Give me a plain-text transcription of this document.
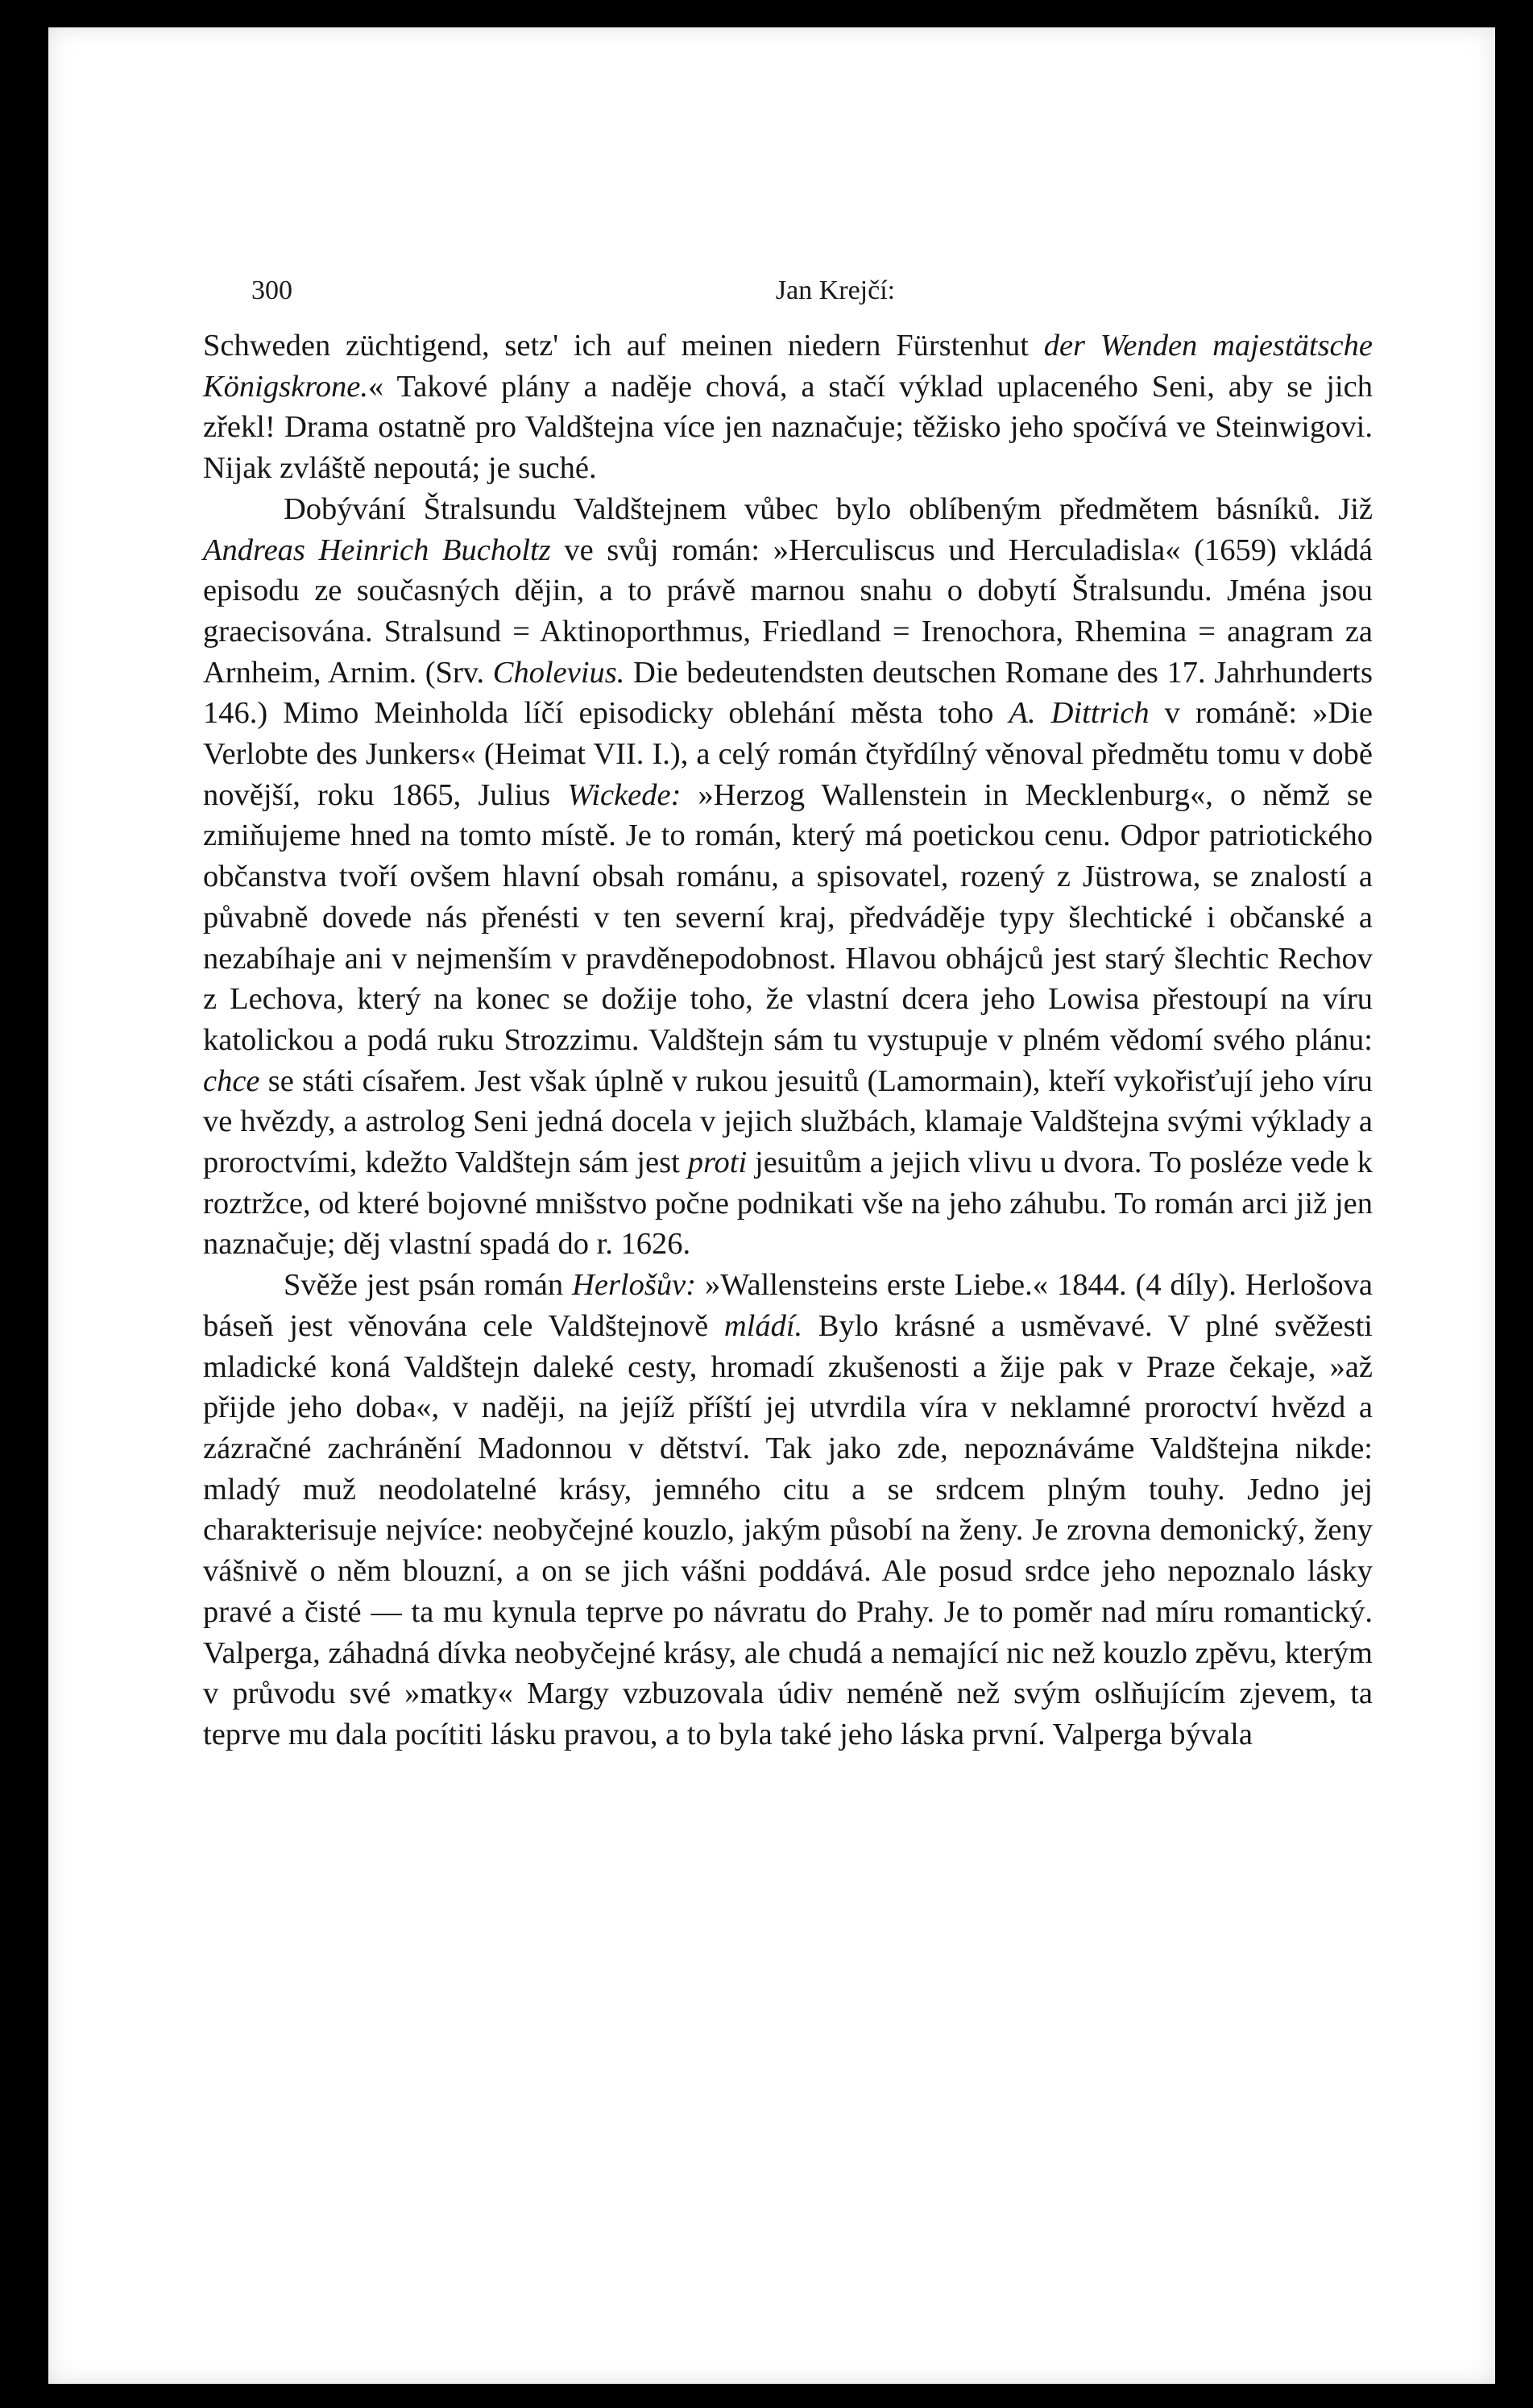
300	Jan Krejčí:

Schweden züchtigend, setz' ich auf meinen niedern Fürstenhut der Wenden majestätsche Königskrone.« Takové plány a naděje chová, a stačí výklad uplaceného Seni, aby se jich zřekl! Drama ostatně pro Valdštejna více jen naznačuje; těžisko jeho spočívá ve Steinwigovi. Nijak zvláště nepoutá; je suché.

Dobývání Štralsundu Valdštejnem vůbec bylo oblíbeným předmětem básníků. Již Andreas Heinrich Bucholtz ve svůj román: »Herculiscus und Herculadisla« (1659) vkládá episodu ze současných dějin, a to právě marnou snahu o dobytí Štralsundu. Jména jsou graecisována. Stralsund = Aktinoporthmus, Friedland = Irenochora, Rhemina = anagram za Arnheim, Arnim. (Srv. Cholevius. Die bedeutendsten deutschen Romane des 17. Jahrhunderts 146.) Mimo Meinholda líčí episodicky oblehání města toho A. Dittrich v románě: »Die Verlobte des Junkers« (Heimat VII. I.), a celý román čtyřdílný věnoval předmětu tomu v době novější, roku 1865, Julius Wickede: »Herzog Wallenstein in Mecklenburg«, o němž se zmiňujeme hned na tomto místě. Je to román, který má poetickou cenu. Odpor patriotického občanstva tvoří ovšem hlavní obsah románu, a spisovatel, rozený z Jüstrowa, se znalostí a půvabně dovede nás přenésti v ten severní kraj, předváděje typy šlechtické i občanské a nezabíhaje ani v nejmenším v pravděnepodobnost. Hlavou obhájců jest starý šlechtic Rechov z Lechova, který na konec se dožije toho, že vlastní dcera jeho Lowisa přestoupí na víru katolickou a podá ruku Strozzimu. Valdštejn sám tu vystupuje v plném vědomí svého plánu: chce se státi císařem. Jest však úplně v rukou jesuitů (Lamormain), kteří vykořisťují jeho víru ve hvězdy, a astrolog Seni jedná docela v jejich službách, klamaje Valdštejna svými výklady a proroctvími, kdežto Valdštejn sám jest proti jesuitům a jejich vlivu u dvora. To posléze vede k roztržce, od které bojovné mnišstvo počne podnikati vše na jeho záhubu. To román arci již jen naznačuje; děj vlastní spadá do r. 1626.

Svěže jest psán román Herlošův: »Wallensteins erste Liebe.« 1844. (4 díly). Herlošova báseň jest věnována cele Valdštejnově mládí. Bylo krásné a usměvavé. V plné svěžesti mladické koná Valdštejn daleké cesty, hromadí zkušenosti a žije pak v Praze čekaje, »až přijde jeho doba«, v naději, na jejíž příští jej utvrdila víra v neklamné proroctví hvězd a zázračné zachránění Madonnou v dětství. Tak jako zde, nepoznáváme Valdštejna nikde: mladý muž neodolatelné krásy, jemného citu a se srdcem plným touhy. Jedno jej charakterisuje nejvíce: neobyčejné kouzlo, jakým působí na ženy. Je zrovna demonický, ženy vášnivě o něm blouzní, a on se jich vášni poddává. Ale posud srdce jeho nepoznalo lásky pravé a čisté — ta mu kynula teprve po návratu do Prahy. Je to poměr nad míru romantický. Valperga, záhadná dívka neobyčejné krásy, ale chudá a nemající nic než kouzlo zpěvu, kterým v průvodu své »matky« Margy vzbuzovala údiv neméně než svým oslňujícím zjevem, ta teprve mu dala pocítiti lásku pravou, a to byla také jeho láska první. Valperga bývala
